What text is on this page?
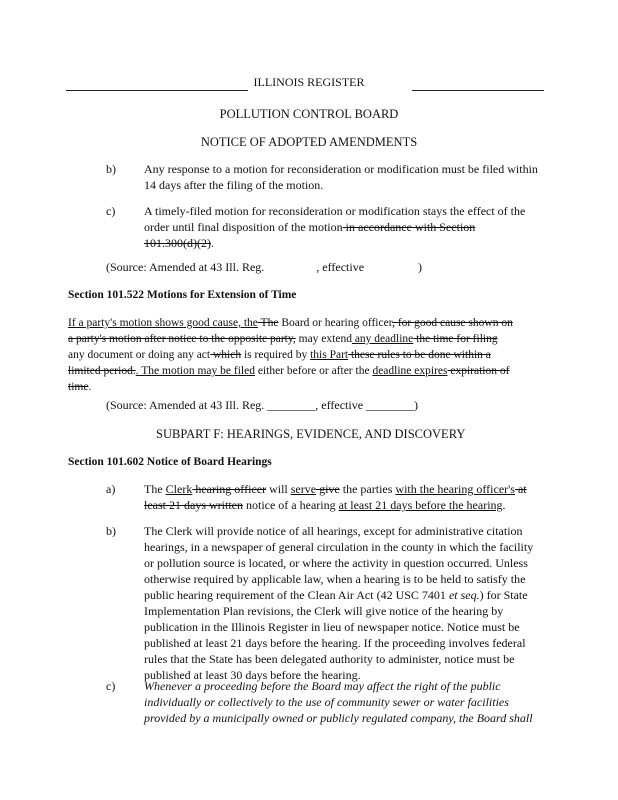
ILLINOIS REGISTER
POLLUTION CONTROL BOARD
NOTICE OF ADOPTED AMENDMENTS
b)	Any response to a motion for reconsideration or modification must be filed within
14 days after the filing of the motion.
c)	A timely-filed motion for reconsideration or modification stays the effect of the
order until final disposition of the motion in accordance with Section
101.300(d)(2).
(Source: Amended at 43 Ill. Reg.	, effective	)
Section 101.522 Motions for Extension of Time
If a party's motion shows good cause, the The Board or hearing officer, for good cause shown on
a party's motion after notice to the opposite party, may extend any deadline the time for filing
any document or doing any act which is required by this Part these rules to be done within a
limited period.. The motion may be filed either before or after the deadline expires expiration of
time.
(Source: Amended at 43 Ill. Reg. ________, effective ________)
SUBPART F: HEARINGS, EVIDENCE, AND DISCOVERY
Section 101.602 Notice of Board Hearings
a)	The Clerk hearing officer will serve give the parties with the hearing officer's at
least 21 days written notice of a hearing at least 21 days before the hearing.
b)	The Clerk will provide notice of all hearings, except for administrative citation
hearings, in a newspaper of general circulation in the county in which the facility
or pollution source is located, or where the activity in question occurred. Unless
otherwise required by applicable law, when a hearing is to be held to satisfy the
public hearing requirement of the Clean Air Act (42 USC 7401 et seq.) for State
Implementation Plan revisions, the Clerk will give notice of the hearing by
publication in the Illinois Register in lieu of newspaper notice. Notice must be
published at least 21 days before the hearing. If the proceeding involves federal
rules that the State has been delegated authority to administer, notice must be
published at least 30 days before the hearing.
c)	Whenever a proceeding before the Board may affect the right of the public
individually or collectively to the use of community sewer or water facilities
provided by a municipally owned or publicly regulated company, the Board shall
